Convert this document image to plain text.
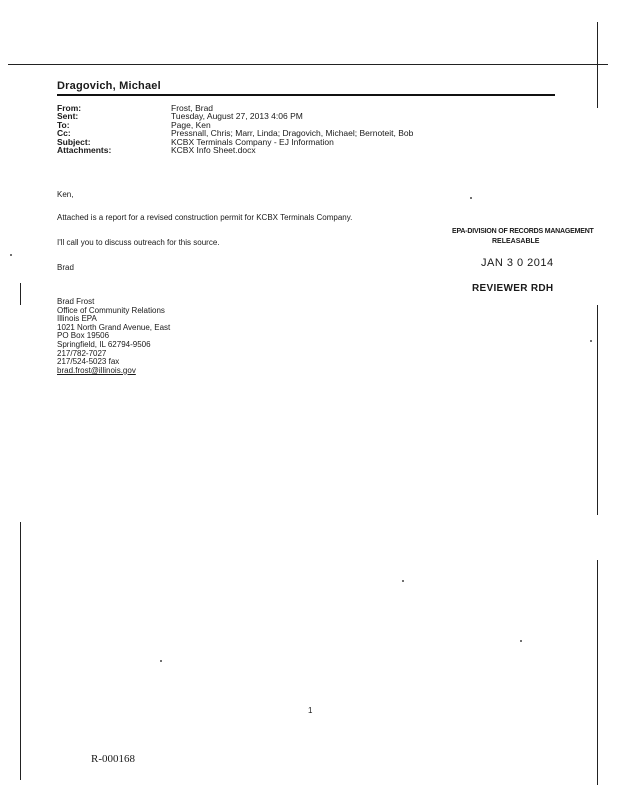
Dragovich, Michael
From:	Frost, Brad
Sent:	Tuesday, August 27, 2013 4:06 PM
To:	Page, Ken
Cc:	Pressnall, Chris; Marr, Linda; Dragovich, Michael; Bernoteit, Bob
Subject:	KCBX Terminals Company - EJ Information
Attachments:	KCBX Info Sheet.docx
Ken,
Attached is a report for a revised construction permit for KCBX Terminals Company.
I'll call you to discuss outreach for this source.
Brad
Brad Frost
Office of Community Relations
Illinois EPA
1021 North Grand Avenue, East
PO Box 19506
Springfield, IL 62794-9506
217/782-7027
217/524-5023 fax
brad.frost@illinois.gov
EPA-DIVISION OF RECORDS MANAGEMENT
RELEASABLE
JAN 3 0 2014
REVIEWER RDH
1
R-000168
